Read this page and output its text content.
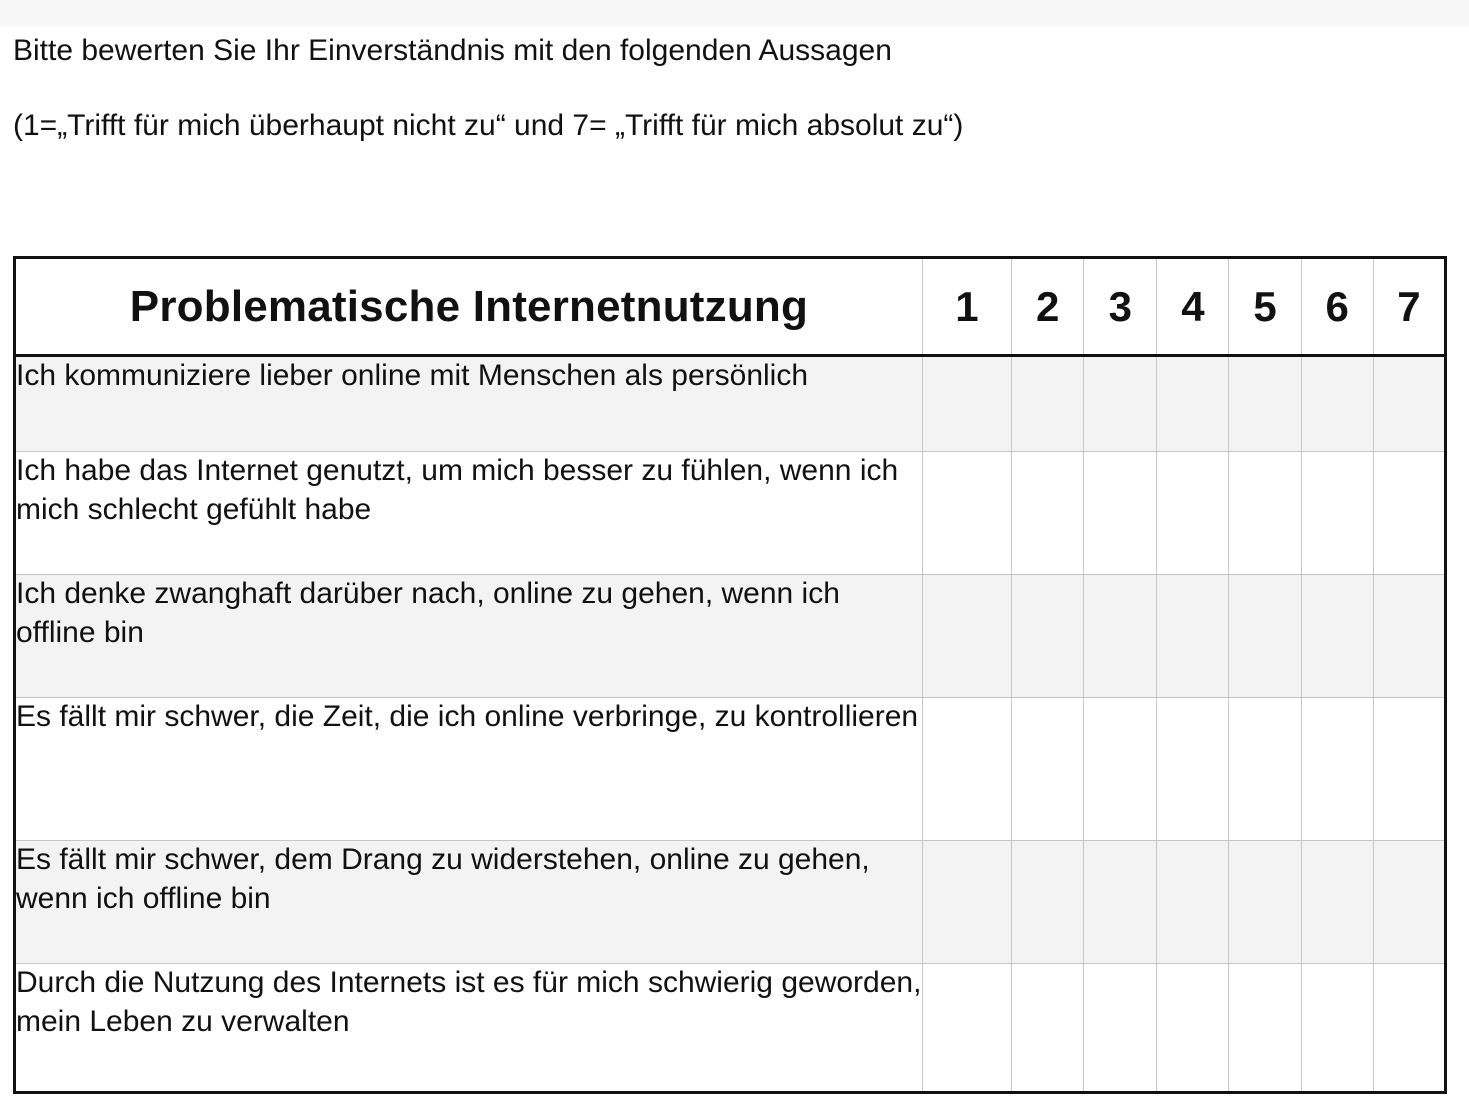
Bitte bewerten Sie Ihr Einverständnis mit den folgenden Aussagen
(1=„Trifft für mich überhaupt nicht zu“ und 7= „Trifft für mich absolut zu“)
Problematische Internetnutzung	1	2	3	4	5	6	7
Ich kommuniziere lieber online mit Menschen als persönlich							
Ich habe das Internet genutzt, um mich besser zu fühlen, wenn ich mich schlecht gefühlt habe							
Ich denke zwanghaft darüber nach, online zu gehen, wenn ich offline bin							
Es fällt mir schwer, die Zeit, die ich online verbringe, zu kontrollieren							
Es fällt mir schwer, dem Drang zu widerstehen, online zu gehen, wenn ich offline bin							
Durch die Nutzung des Internets ist es für mich schwierig geworden, mein Leben zu verwalten							
